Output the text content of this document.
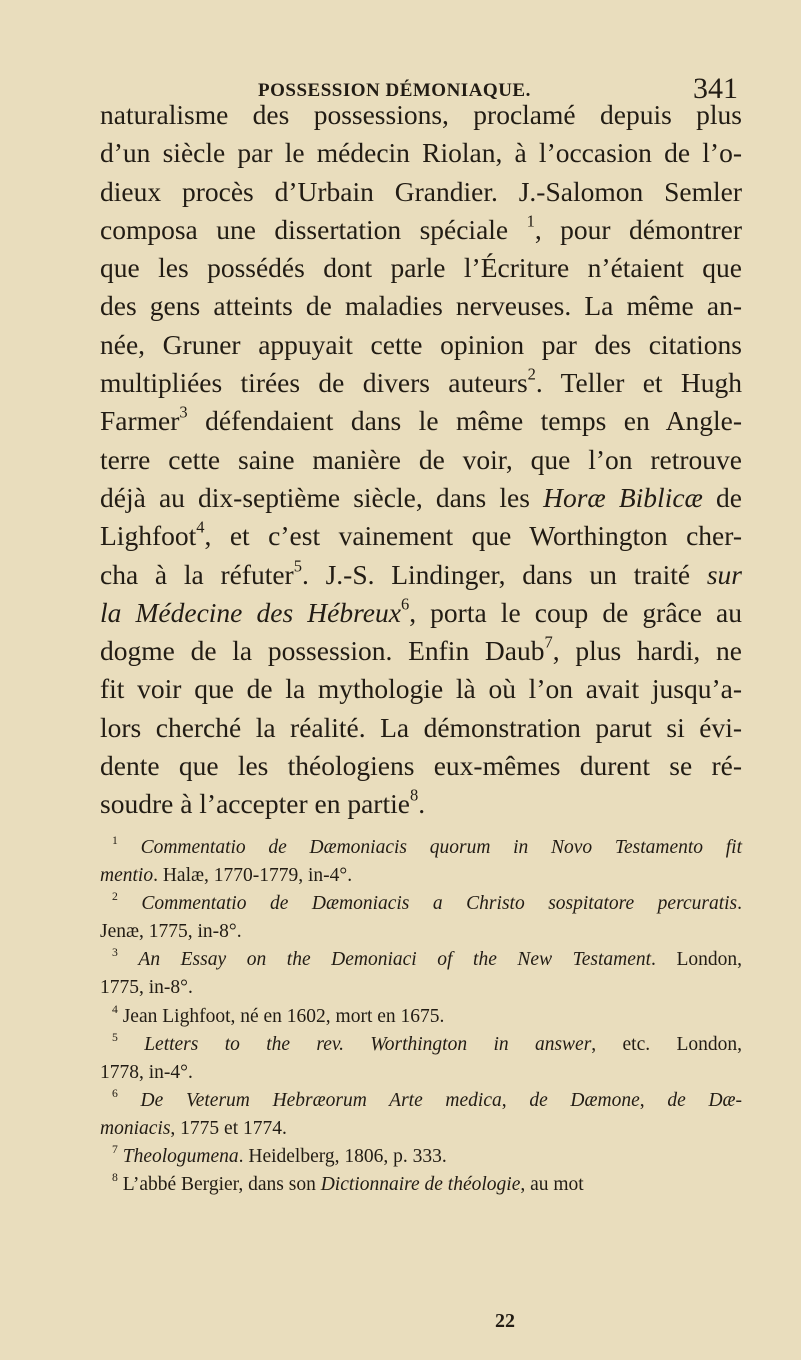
POSSESSION DÉMONIAQUE.	341
naturalisme des possessions, proclamé depuis plus
d’un siècle par le médecin Riolan, à l’occasion de l’o-
dieux procès d’Urbain Grandier. J.-Salomon Semler
composa une dissertation spéciale $^1$, pour démontrer
que les possédés dont parle l’Écriture n’étaient que
des gens atteints de maladies nerveuses. La même an-
née, Gruner appuyait cette opinion par des citations
multipliées tirées de divers auteurs$^2$. Teller et Hugh
Farmer$^3$ défendaient dans le même temps en Angle-
terre cette saine manière de voir, que l’on retrouve
déjà au dix-septième siècle, dans les Horæ Biblicæ de
Lighfoot$^4$, et c’est vainement que Worthington cher-
cha à la réfuter$^5$. J.-S. Lindinger, dans un traité sur
la Médecine des Hébreux$^6$, porta le coup de grâce au
dogme de la possession. Enfin Daub$^7$, plus hardi, ne
fit voir que de la mythologie là où l’on avait jusqu’a-
lors cherché la réalité. La démonstration parut si évi-
dente que les théologiens eux-mêmes durent se ré-
soudre à l’accepter en partie$^8$.
$^1$ Commentatio de Dæmoniacis quorum in Novo Testamento fit
mentio. Halæ, 1770-1779, in-4°.
$^2$ Commentatio de Dæmoniacis a Christo sospitatore percuratis.
Jenæ, 1775, in-8°.
$^3$ An Essay on the Demoniaci of the New Testament. London,
1775, in-8°.
$^4$ Jean Lighfoot, né en 1602, mort en 1675.
$^5$ Letters to the rev. Worthington in answer, etc. London,
1778, in-4°.
$^6$ De Veterum Hebræorum Arte medica, de Dæmone, de Dæ-
moniacis, 1775 et 1774.
$^7$ Theologumena. Heidelberg, 1806, p. 333.
$^8$ L’abbé Bergier, dans son Dictionnaire de théologie, au mot
22
